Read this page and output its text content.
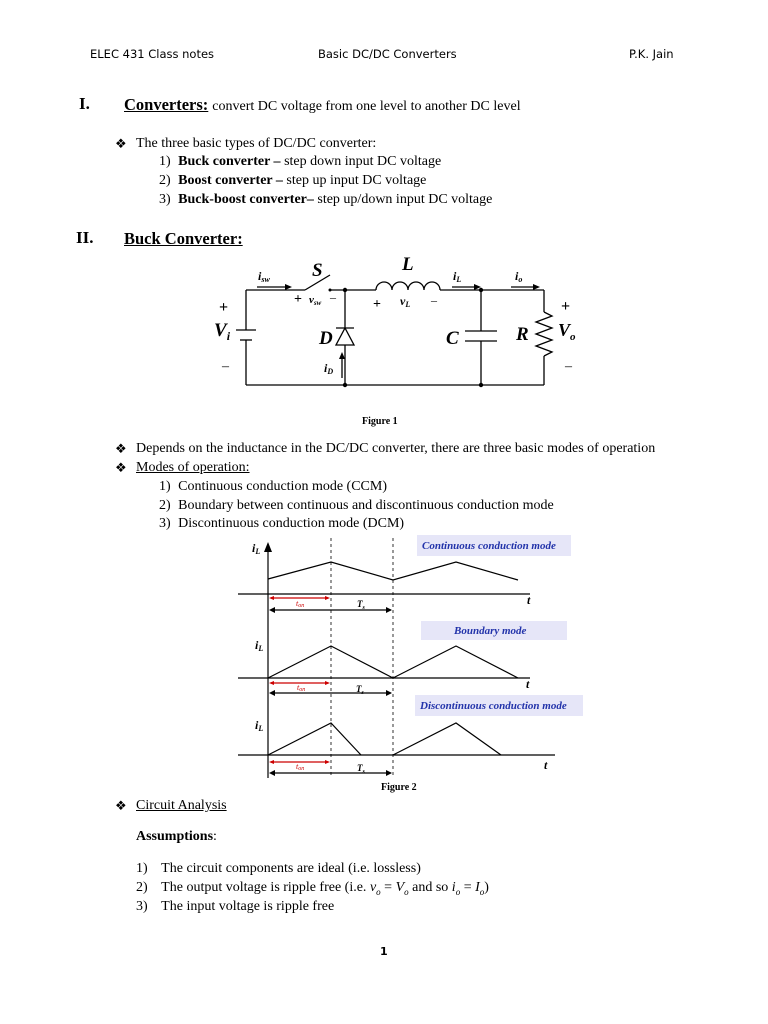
ELEC 431 Class notes	Basic DC/DC Converters	P.K. Jain
I. Converters: convert DC voltage from one level to another DC level
❖ The three basic types of DC/DC converter:
1) Buck converter – step down input DC voltage
2) Boost converter – step up input DC voltage
3) Buck-boost converter– step up/down input DC voltage
II. Buck Converter:
isw S	L
iL	io
+
$V_i$
–
+ vsw –	+ vL –
D	C	R
+
$V_o$
–
iD
Figure 1
❖ Depends on the inductance in the DC/DC converter, there are three basic modes of operation
❖ Modes of operation:
1) Continuous conduction mode (CCM)
2) Boundary between continuous and discontinuous conduction mode
3) Discontinuous conduction mode (DCM)
Continuous conduction mode
Boundary mode
Discontinuous conduction mode
iL
iL
iL
t
t
t
ton
ton
ton
$T_s$
$T_s$
$T_s$
Figure 2
❖ Circuit Analysis
Assumptions:
1) The circuit components are ideal (i.e. lossless)
2) The output voltage is ripple free (i.e. $v_o = V_o$ and so $i_o = I_o$)
3) The input voltage is ripple free
1
